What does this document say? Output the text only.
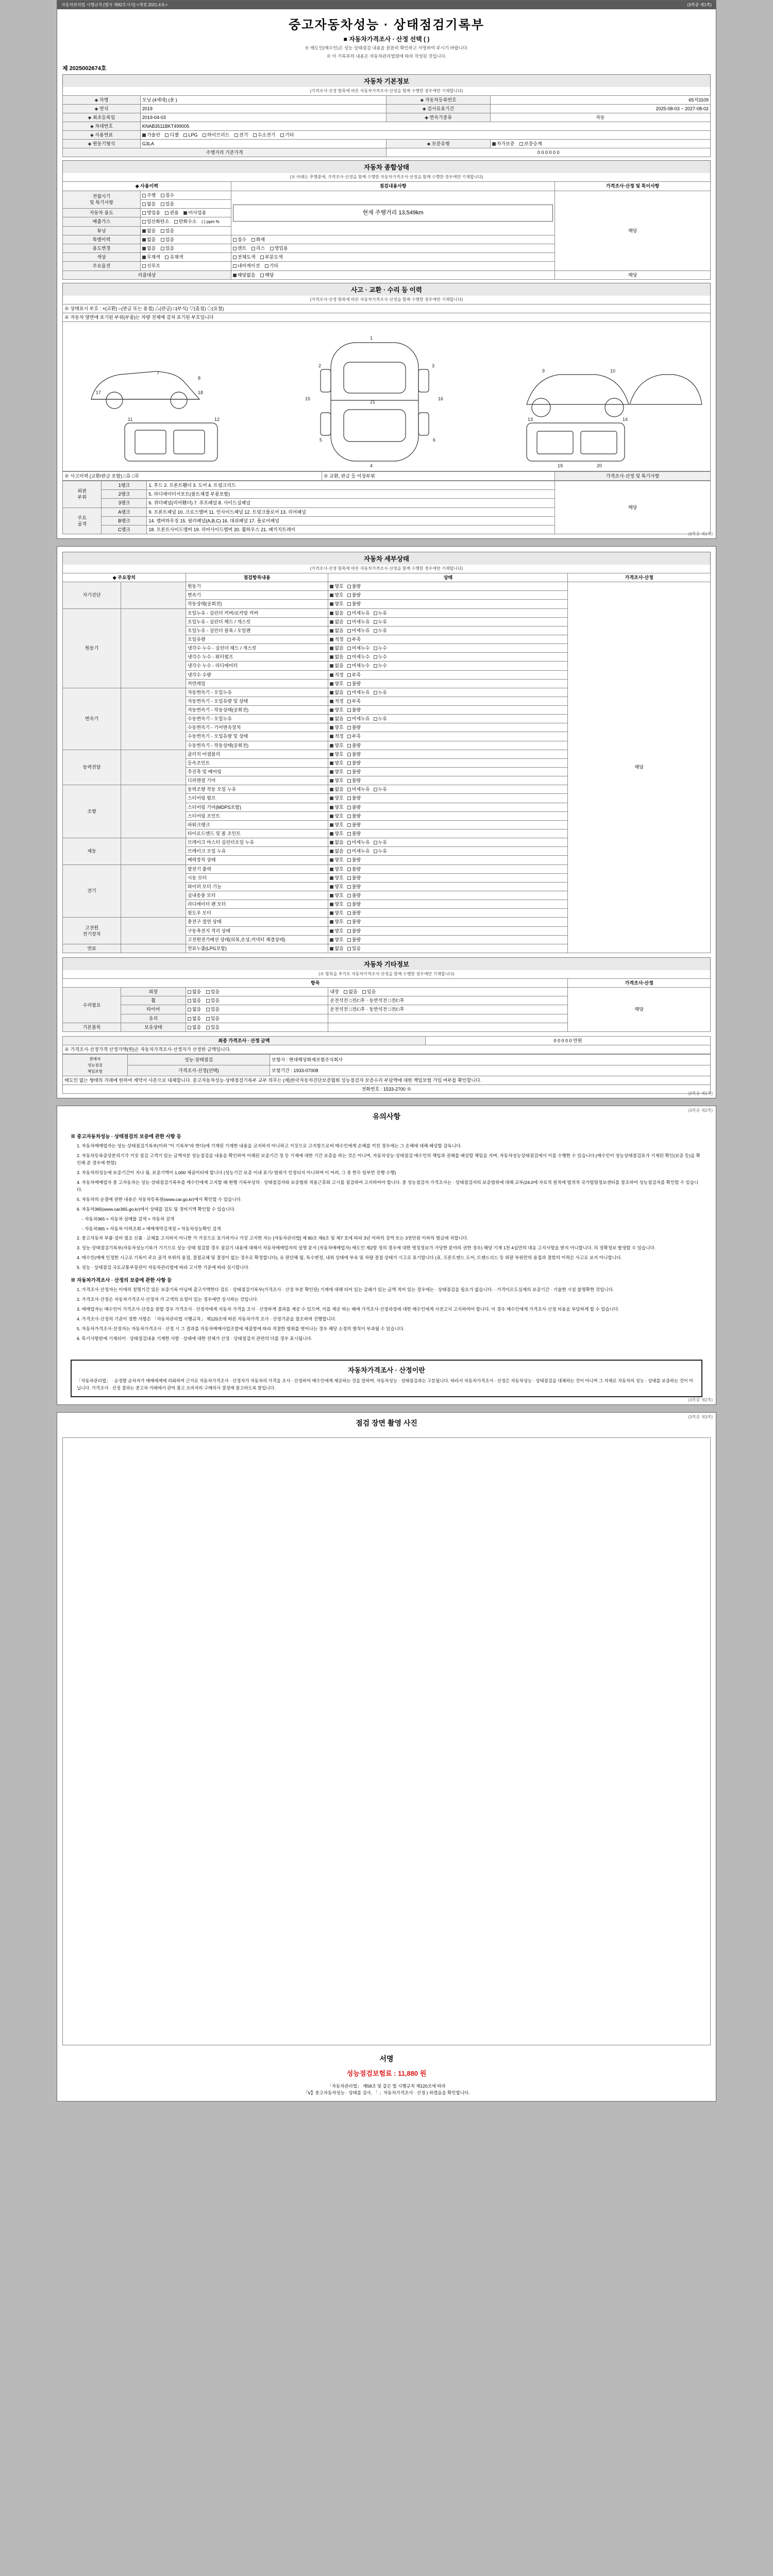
자동차관리법 시행규칙 [별지 제82호서식] <개정 2021.4.9.>	(3쪽중 제1쪽)
중고자동차성능 · 상태점검기록부
■ 자동차가격조사 · 산정 선택 ( )
※ 매도인(매수인)은 성능·상태점검 내용을 꼼꼼히 확인하고 서명하여 주시기 바랍니다.
※ 이 기록부의 내용은 자동차관리법령에 따라 작성된 것입니다.
제 2025002674호
자동차 기본정보
(가격조사·산정 항목에 따른 자동차가격조사·산정을 함께 수행한 경우에만 기재합니다)
◈ 차명	모닝 (4세대) (윤 )	◈ 자동차등록번호	65저3109
◈ 연식	2019	◈ 검사유효기간	2025-08-03 ~ 2027-08-02
◈ 최초등록일	2019-04-03	◈ 변속기종류	자동
◈ 차대번호	KNAB3511BKT499005		
◈ 사용연료	가솔린 디젤 LPG 하이브리드 전기 수소전기 기타		
◈ 원동기형식	G3LA	◈ 보증유형	자가보증 보증승계
주행거리 기준가격		0 0 0 0 0 0	
자동차 종합상태
(※ 아래는 주행중에, 가격조사·산정을 함께 수행한 자동차가격조사·산정을 함께 수행한 경우에만 기재합니다)
◈ 사용이력		점검내용사항	가격조사·산정 및 특이사항
전월시기
및 특기사항	주행 침수	현재 주행거리 13,549km	해당
	없음 있음		
자동차 용도	영업용 관용 비사업용		
배출가스	일산화탄소 탄화수소 ( ) ppm %		
튜닝	없음 있음		
특별이력	없음 있음	침수 화재	
용도변경	없음 있음	렌트 리스 영업용	
색상	무채색 유채색	전체도색 부분도색	
주요옵션	선루프	내비게이션 기타	
리콜대상		해당없음 해당	해당
사고 · 교환 · 수리 등 이력
(가격조사·산정 항목에 따른 자동차가격조사·산정을 함께 수행한 경우에만 기재합니다)
※ 상태표시 부호 : ×(교환) ○(판금 또는 용접) △(판금) □(부식) ▽(흠집) ◇(요철)
※ 자동차 양면에 표기된 부위(부품)는 차량 전체에 걸쳐 표기된 부호입니다
1
2	3
4
5	6
7
8
9	10
11	12	13	14
15	16
17	18
19	20
21
※ 사고이력 (교환/판금 포함) □유 □무	※ 교환, 판금 등 이상부위	가격조사·산정 및 특기사항
외판
부위	1랭크	1. 후드 2. 프론트휀더 3. 도어 4. 트렁크리드	해당
	2랭크	5. 라디에이터서포트(볼트체결 부품포함)	
	3랭크	6. 쿼터패널(리어휀더) 7. 루프패널 8. 사이드실패널	
주요
골격	A랭크	9. 프론트패널 10. 크로스멤버 11. 인사이드패널 12. 트렁크플로어 13. 리어패널	
	B랭크	14. 캠버하우징 15. 필러패널(A,B,C) 16. 대쉬패널 17. 플로어패널	
	C랭크	18. 프론트사이드멤버 19. 리어사이드멤버 20. 휠하우스 21. 패키지트레이	
(3쪽중 제1쪽)
자동차 세부상태
(가격조사·산정 항목에 따른 자동차가격조사·산정을 함께 수행한 경우에만 기재합니다)
◈ 주요장치		점검항목내용	상태	가격조사·산정
자기진단		원동기	양호 불량	해당
		변속기	양호 불량	
		작동상태(공회전)	양호 불량	
원동기		오일누유 - 실린더 커버/로커암 커버	없음 미세누유 누유	
		오일누유 - 실린더 헤드 / 개스킷	없음 미세누유 누유	
		오일누유 - 실린더 블록 / 오일팬	없음 미세누유 누유	
		오일유량	적정 부족	
		냉각수 누수 - 실린더 헤드 / 개스킷	없음 미세누수 누수	
		냉각수 누수 - 워터펌프	없음 미세누수 누수	
		냉각수 누수 - 라디에이터	없음 미세누수 누수	
		냉각수 수량	적정 부족	
		커먼레일	양호 불량	
변속기		자동변속기 - 오일누유	없음 미세누유 누유	
		자동변속기 - 오일유량 및 상태	적정 부족	
		자동변속기 - 작동상태(공회전)	양호 불량	
		수동변속기 - 오일누유	없음 미세누유 누유	
		수동변속기 - 기어변속장치	양호 불량	
		수동변속기 - 오일유량 및 상태	적정 부족	
		수동변속기 - 작동상태(공회전)	양호 불량	
동력전달		클러치 어셈블리	양호 불량	
		등속조인트	양호 불량	
		추진축 및 베어링	양호 불량	
		디퍼렌셜 기어	양호 불량	
조향		동력조향 작동 오일 누유	없음 미세누유 누유	
		스티어링 펌프	양호 불량	
		스티어링 기어(MDPS포함)	양호 불량	
		스티어링 조인트	양호 불량	
		파워크랭크	양호 불량	
		타이로드엔드 및 볼 조인트	양호 불량	
제동		브레이크 마스터 실린더오일 누유	없음 미세누유 누유	
		브레이크 오일 누유	없음 미세누유 누유	
		배력장치 상태	양호 불량	
전기		발전기 출력	양호 불량	
		시동 모터	양호 불량	
		와이퍼 모터 기능	양호 불량	
		실내송풍 모터	양호 불량	
		라디에이터 팬 모터	양호 불량	
		윈도우 모터	양호 불량	
고전원
전기장치		충전구 절연 상태	양호 불량	
		구동축전지 격리 상태	양호 불량	
		고전원전기배선 상태(피복,손상,커넥터 체결상태)	양호 불량	
연료		연료누출(LPG포함)	없음 있음	
자동차 기타정보
(※ 항목을 추가로 자동차가격조사·산정을 함께 수행한 경우에만 기재합니다)
항목				가격조사·산정
수리필요	외장	없음 있음	내장 없음 있음	해당
	휠	없음 있음	운전석전 □전/□후 · 동반석전 □전/□후	
	타이어	없음 있음	운전석전 □전/□후 · 동반석전 □전/□후	
	유리	없음 있음		
기본품목	보유상태	없음 있음		
최종 가격조사 · 산정 금액	0 0 0 0 0 만원
※ 가격조사·산정가격 산정가액(원)은 자동차가격조사·산정자가 산정한 금액입니다.
판매자
성능점검
책임보험	성능·상태점검	보험사 : 현대해상화재보험주식회사
	가격조사·산정(선택)	보험기간 : 1933-07008
매도인 없는 형태의 거래에 한하여 계약서 사본으로 대체합니다. 중고자동차성능·상태점검기록부 교부 의무는 (재)한국자동차진단보증협회 성능점검자 보증수리 부담액에 대한 책임보험 가입 여부를 확인합니다.		
전화번호 : 1533-2700 ※		
(3쪽중 제1쪽)
(3쪽중 제2쪽)
유의사항
※ 중고자동차성능 · 상태점검의 보증에 관한 사항 등

1. 자동차매매업자는 성능·상태점검기록부(이하 "이 기록부"라 한다)에 기재된 기재한 내용을 교지하지 아니하고 거짓으로 고지함으로써 매수인에게 손해를 끼친 경우에는 그 손해에 대해 배상할 감독니다.

2. 자동차등록증상본의기각 거짓 점검 고객기 있는 금액지분 성능점검을 내용을 확인하여 이해된 보증기간 정 등 기재에 대한 기간 보증을 하는 것은 아니며, 자동차성능·상태점검 매수인의 책임과 권해를 배상할 책임을 지며, 자동차성능상태점검에서 이를 수행한 수 있습니다.(매수인이 성능상태점검표가 기재된 확인(보증 등)을 확인해 준 경우에 한함)

3. 자동차의성능에 보증기간이 지나 됨, 보증기액이 1,000 제곱미터에 합니다 (성능기간 보증 이내 표기/ 범위가 인정되지 아니하며 이 어려, 그 중 한두 일부만 진행 수행)

4. 자동차매매업자 중 고자동차는 성능·상태점검기록부를 매수인에게 고지할 때 현행 기록부상의 · 상태점검자와 보증범위 적용근후와 고시를 점검하여 고지하여야 합니다. 중 성능점검자 가격조사는 · 상태점검자의 보증범위에 대해 교부(24.0에 자료적 원칙에 법적적 국가법령정보센터를 참조하여 성능점검자를 확인할 수 있습니다.

5. 자동차의 순결에 관한 내용은 자동차등록원(www.car.go.kr)에서 확인할 수 있습니다.

6. 자동차365(www.car365.go.kr)에서 상태를 검토 및 경비기액 확인할 수 있습니다.

- 자동차365 > 자동차 실매물 검색 > 자동차 검색

- 자동차365 > 자동차 이력조회 > 매매계약검색정 > 자동차성능확인 검색

2. 중고자동차 부품·설비 필요 신품 · 교체를 고지하지 아니한 가 거짓으로 표기하거나 거짓 고지한 자는 [자동차관리법] 제 80조 제6조 및 제7 호에 따라 3년 이하의 징역 또는 3천만원 이하의 벌금에 처합니다.

3. 성능·상태점검기록부(자동차성능기록가 기기으로 성능·상태 점검할 경우 점검기 내용에 대해서 자동차매매업자의 설명 문서 (자동차매매업자) 매도인 제2항 정의 경우에 대한 명칭정보가 가당한 분야의 권한 경우) 해당 기재 1천 4십만의 대응 고지사항을 받지 아니합니다. 의 정확정보 발생할 수 있습니다.

4. 매수인(매매 인정한 시고로 기록이 주요 골격 부위의 용접, 결점교체 및 결정이 없는 경우로 확정합니다), 유 판단해 될, 특수변정, 내외 상태에 부속 및 차량 결점 상태가 시고로 표기합니다 (표, 프론트엔드 도어, 트랜드리드 등 외판 부위만의 용접과 결함의 이력은 사고로 보지 아니합니다.

5. 성능 · 상태점검 국토교통부장관이 자동차관리법에 따라 고시한 기준에 따라 실시합니다.

※ 자동차가격조사 · 산정의 보증에 관한 사항 등

1. 가격조사·산정자는 이에의 설명기간 있든 보증기록 아님에 출고가액한다 검토 · 상태점검기록부(가격조사 · 산정 부분 확인된) 기재에 대해 되어 있는 감쇄가 있는 금액 적어 있는 경우에는 · 상태점검을 필요가 없습니다. · 가격이르도실제의 보증기간 · 기술한 시설 불명확한 것입니다.

2. 가격조사·산정은 자동차가격조사·산정자 가 고객의 요청이 있는 경우에만 실시하는 것입니다.

3. 매매업자는 매수인이 가격조사·산정을 원할 경우 가격조사 · 산정자에게 자동차 가격을 조사 · 산정하게 결과를 제공 수 있으며, 이를 제공 하는 때에 가격조사·산정과정에 대한 매수인에게 사전고지 고지하여야 합니다. 이 경우 매수인에게 가격조사·산정 비용을 부담하게 할 수 있습니다.

4. 가격조사·산정의 기준이 정한 사항은 「자동차관리법 시행규칙」 제120조에 따른 자동차가격 조사 · 산정기준을 참조하여 진행합니다.

5. 자동차가격조사·산정자는 자동차가격조사 · 산정 시 그 결과를 자동차매매사업조합에 제출함에 따라 적절한 범위를 벗어나는 경우 해당 소정의 벌칙이 부과될 수 있습니다.

6. 특기사항란에 기재되어 · 상태점검내용 기재한 사항 · 상태에 대한 전체가 산정 · 상태점검지 관련의 다를 경우 표시됩니다.

자동차가격조사 · 산정이란
「자동차관리법」 · 순정발 순차자가 매매에게에 의뢰하여 근거로 자동차가격조사 · 산정자가 자동차의 가격을 조사 · 산정하여 매수인에게 제공하는 것을 말하며, 자동차성능 · 상태점검과는 구분됩니다. 따라서 자동차가격조사 · 산정은 자동차성능 · 상태점검을 대체하는 것이 아니며 그 자체로 자동차의 성능 · 상태를 보증하는 것이 아닙니다. 가격조사 · 산정 결과는 중고차 거래에서 관여 참고 소비자의 구매의사 결정에 참고하도록 함입니다.
(3쪽중 제2쪽)
(3쪽중 제3쪽)
점검 장면 촬영 사진
서명
성능점검보험료 : 11,880 원
「자동차관리법」 제58조 및 같은 법 시행규칙 제120조에 따라
「Ⅴ】중고자동차성능 · 상태를 검사, 「 」자동차가격조사 · 산정 ) 하였음을 확인합니다.
